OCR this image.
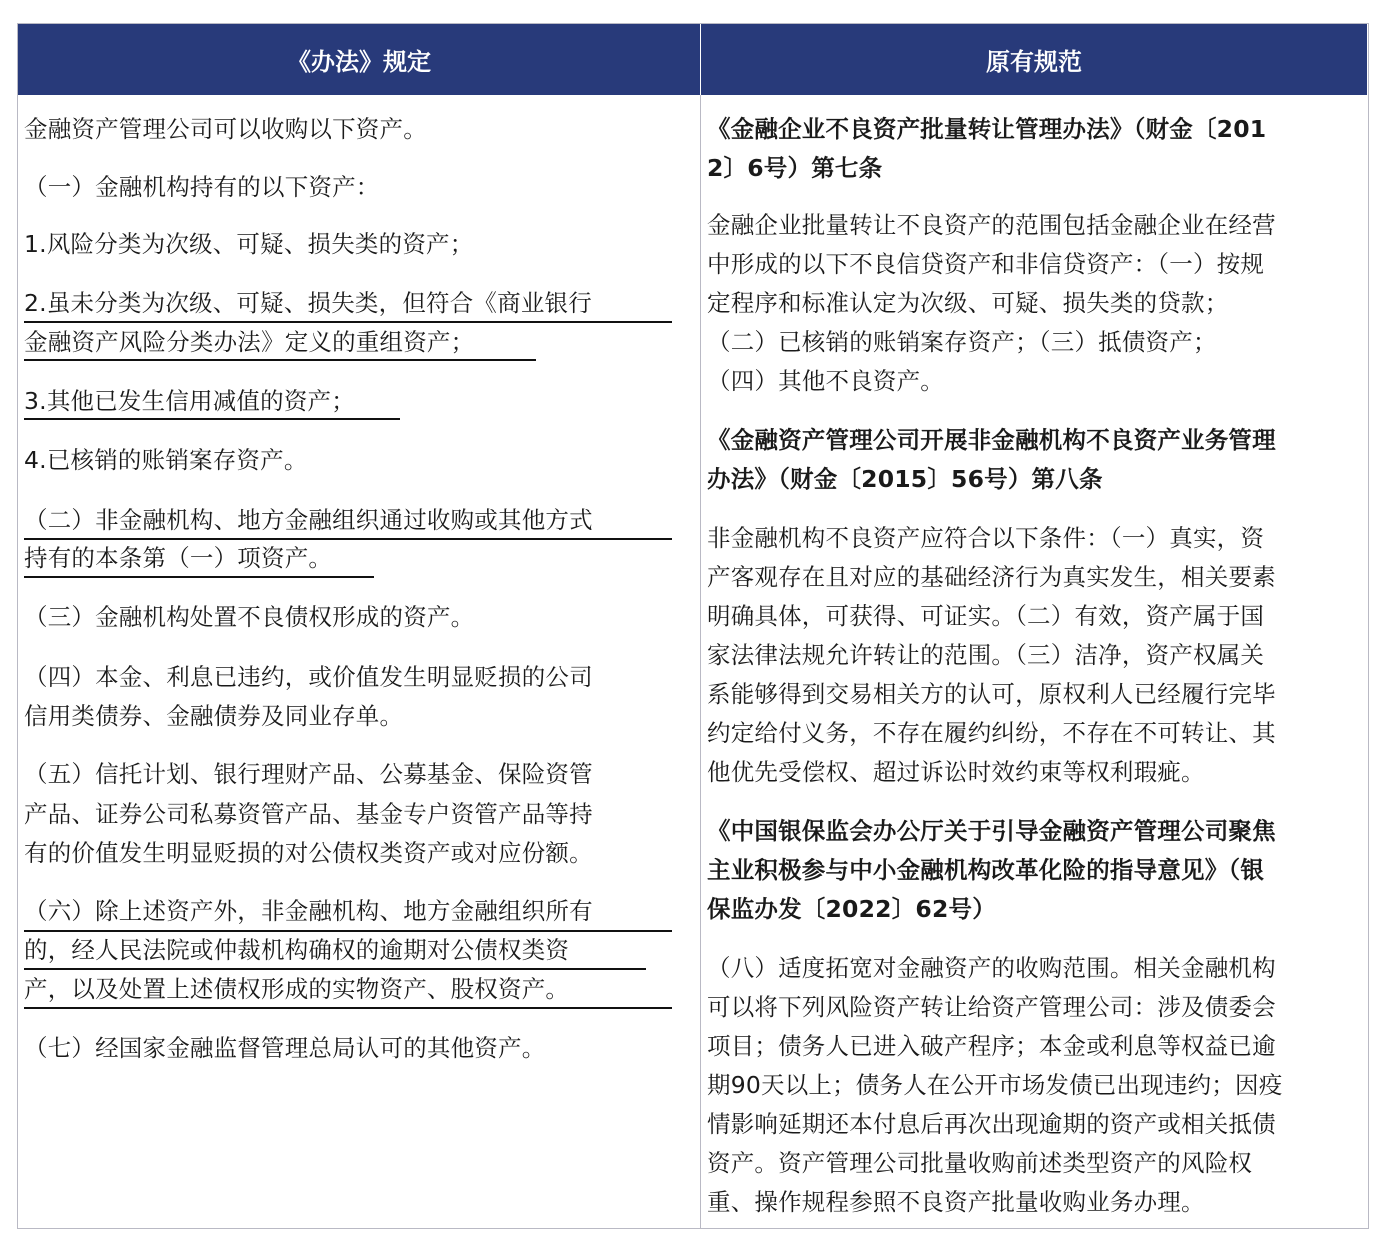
《办法》规定	原有规范
金融资产管理公司可以收购以下资产。
（一）金融机构持有的以下资产：
1.风险分类为次级、可疑、损失类的资产；
2.虽未分类为次级、可疑、损失类，但符合《商业银行
金融资产风险分类办法》定义的重组资产；
3.其他已发生信用减值的资产；
4.已核销的账销案存资产。
（二）非金融机构、地方金融组织通过收购或其他方式
持有的本条第（一）项资产。
（三）金融机构处置不良债权形成的资产。
（四）本金、利息已违约，或价值发生明显贬损的公司
信用类债券、金融债券及同业存单。
（五）信托计划、银行理财产品、公募基金、保险资管
产品、证券公司私募资管产品、基金专户资管产品等持
有的价值发生明显贬损的对公债权类资产或对应份额。
（六）除上述资产外，非金融机构、地方金融组织所有
的，经人民法院或仲裁机构确权的逾期对公债权类资
产，以及处置上述债权形成的实物资产、股权资产。
（七）经国家金融监督管理总局认可的其他资产。
《金融企业不良资产批量转让管理办法》（财金〔201
2〕6号）第七条
金融企业批量转让不良资产的范围包括金融企业在经营
中形成的以下不良信贷资产和非信贷资产：（一）按规
定程序和标准认定为次级、可疑、损失类的贷款；
（二）已核销的账销案存资产；（三）抵债资产；
（四）其他不良资产。
《金融资产管理公司开展非金融机构不良资产业务管理
办法》（财金〔2015〕56号）第八条
非金融机构不良资产应符合以下条件：（一）真实，资
产客观存在且对应的基础经济行为真实发生，相关要素
明确具体，可获得、可证实。（二）有效，资产属于国
家法律法规允许转让的范围。（三）洁净，资产权属关
系能够得到交易相关方的认可，原权利人已经履行完毕
约定给付义务，不存在履约纠纷，不存在不可转让、其
他优先受偿权、超过诉讼时效约束等权利瑕疵。
《中国银保监会办公厅关于引导金融资产管理公司聚焦
主业积极参与中小金融机构改革化险的指导意见》（银
保监办发〔2022〕62号）
（八）适度拓宽对金融资产的收购范围。相关金融机构
可以将下列风险资产转让给资产管理公司：涉及债委会
项目；债务人已进入破产程序；本金或利息等权益已逾
期90天以上；债务人在公开市场发债已出现违约；因疫
情影响延期还本付息后再次出现逾期的资产或相关抵债
资产。资产管理公司批量收购前述类型资产的风险权
重、操作规程参照不良资产批量收购业务办理。
